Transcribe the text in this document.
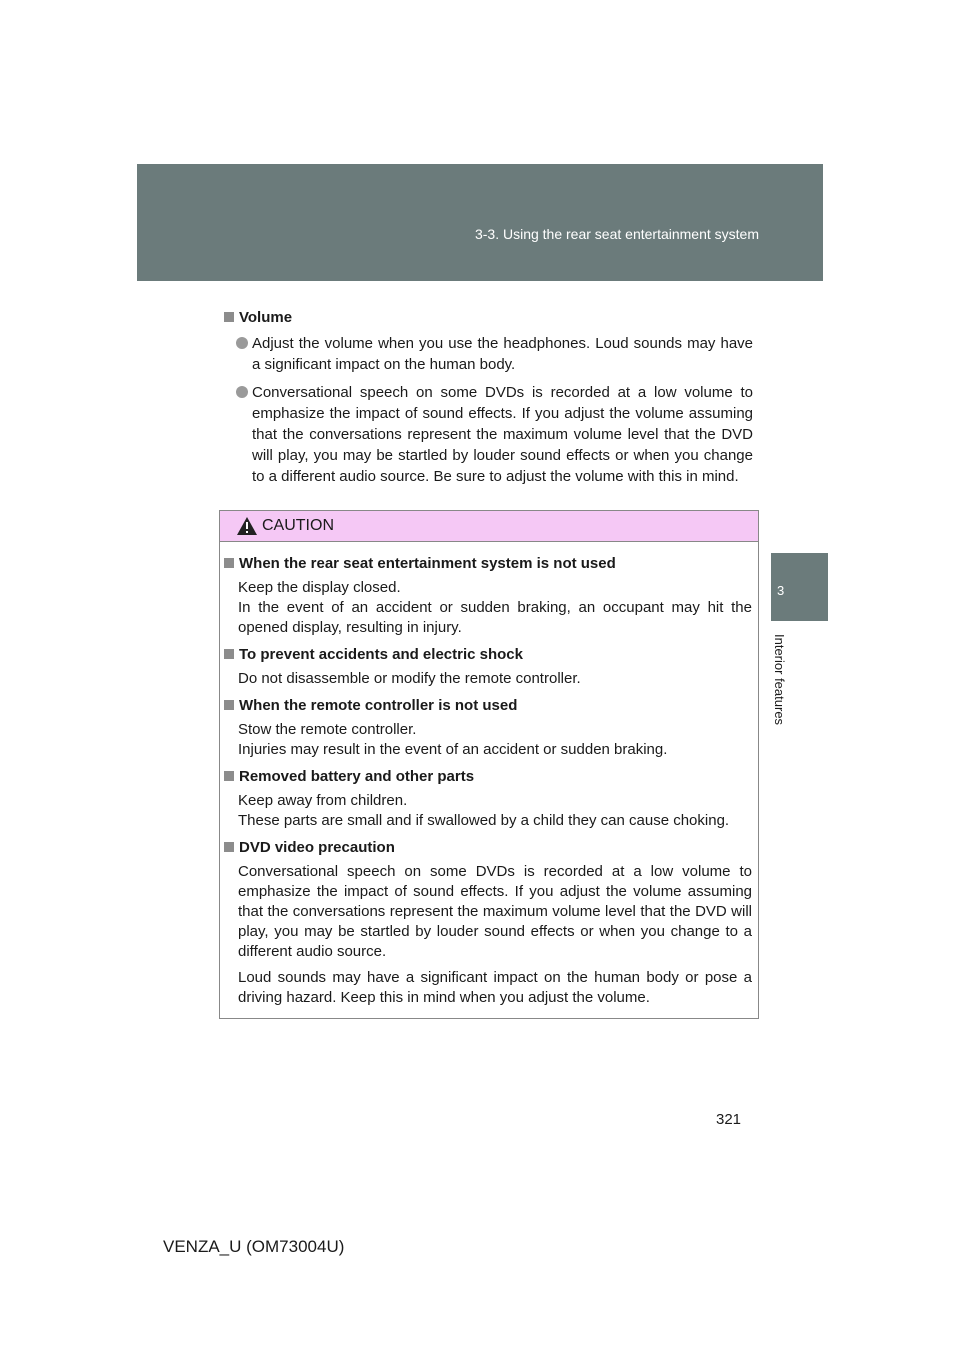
3-3. Using the rear seat entertainment system
3
Interior features
Volume
Adjust the volume when you use the headphones. Loud sounds may have a significant impact on the human body.
Conversational speech on some DVDs is recorded at a low volume to emphasize the impact of sound effects. If you adjust the volume assuming that the conversations represent the maximum volume level that the DVD will play, you may be startled by louder sound effects or when you change to a different audio source. Be sure to adjust the volume with this in mind.
CAUTION
When the rear seat entertainment system is not used
Keep the display closed.
In the event of an accident or sudden braking, an occupant may hit the opened display, resulting in injury.
To prevent accidents and electric shock
Do not disassemble or modify the remote controller.
When the remote controller is not used
Stow the remote controller.
Injuries may result in the event of an accident or sudden braking.
Removed battery and other parts
Keep away from children.
These parts are small and if swallowed by a child they can cause choking.
DVD video precaution
Conversational speech on some DVDs is recorded at a low volume to emphasize the impact of sound effects. If you adjust the volume assuming that the conversations represent the maximum volume level that the DVD will play, you may be startled by louder sound effects or when you change to a different audio source.
Loud sounds may have a significant impact on the human body or pose a driving hazard. Keep this in mind when you adjust the volume.
321
VENZA_U (OM73004U)
